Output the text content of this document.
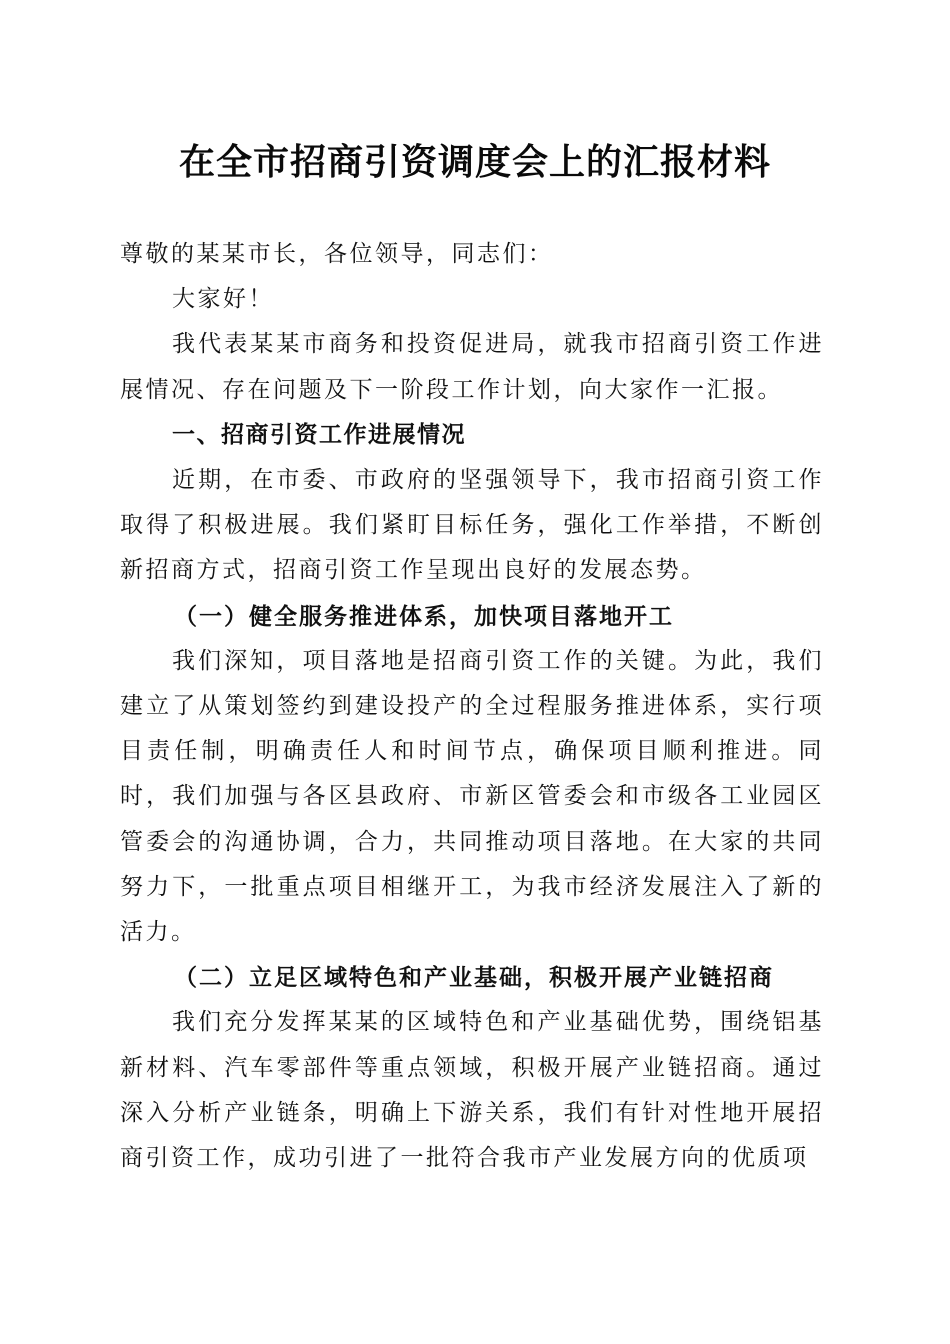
在全市招商引资调度会上的汇报材料

尊敬的某某市长，各位领导，同志们：

大家好！

我代表某某市商务和投资促进局，就我市招商引资工作进展情况、存在问题及下一阶段工作计划，向大家作一汇报。

一、招商引资工作进展情况

近期，在市委、市政府的坚强领导下，我市招商引资工作取得了积极进展。我们紧盯目标任务，强化工作举措，不断创新招商方式，招商引资工作呈现出良好的发展态势。

（一）健全服务推进体系，加快项目落地开工

我们深知，项目落地是招商引资工作的关键。为此，我们建立了从策划签约到建设投产的全过程服务推进体系，实行项目责任制，明确责任人和时间节点，确保项目顺利推进。同时，我们加强与各区县政府、市新区管委会和市级各工业园区管委会的沟通协调，合力，共同推动项目落地。在大家的共同努力下，一批重点项目相继开工，为我市经济发展注入了新的活力。

（二）立足区域特色和产业基础，积极开展产业链招商

我们充分发挥某某的区域特色和产业基础优势，围绕铝基新材料、汽车零部件等重点领域，积极开展产业链招商。通过深入分析产业链条，明确上下游关系，我们有针对性地开展招商引资工作，成功引进了一批符合我市产业发展方向的优质项
